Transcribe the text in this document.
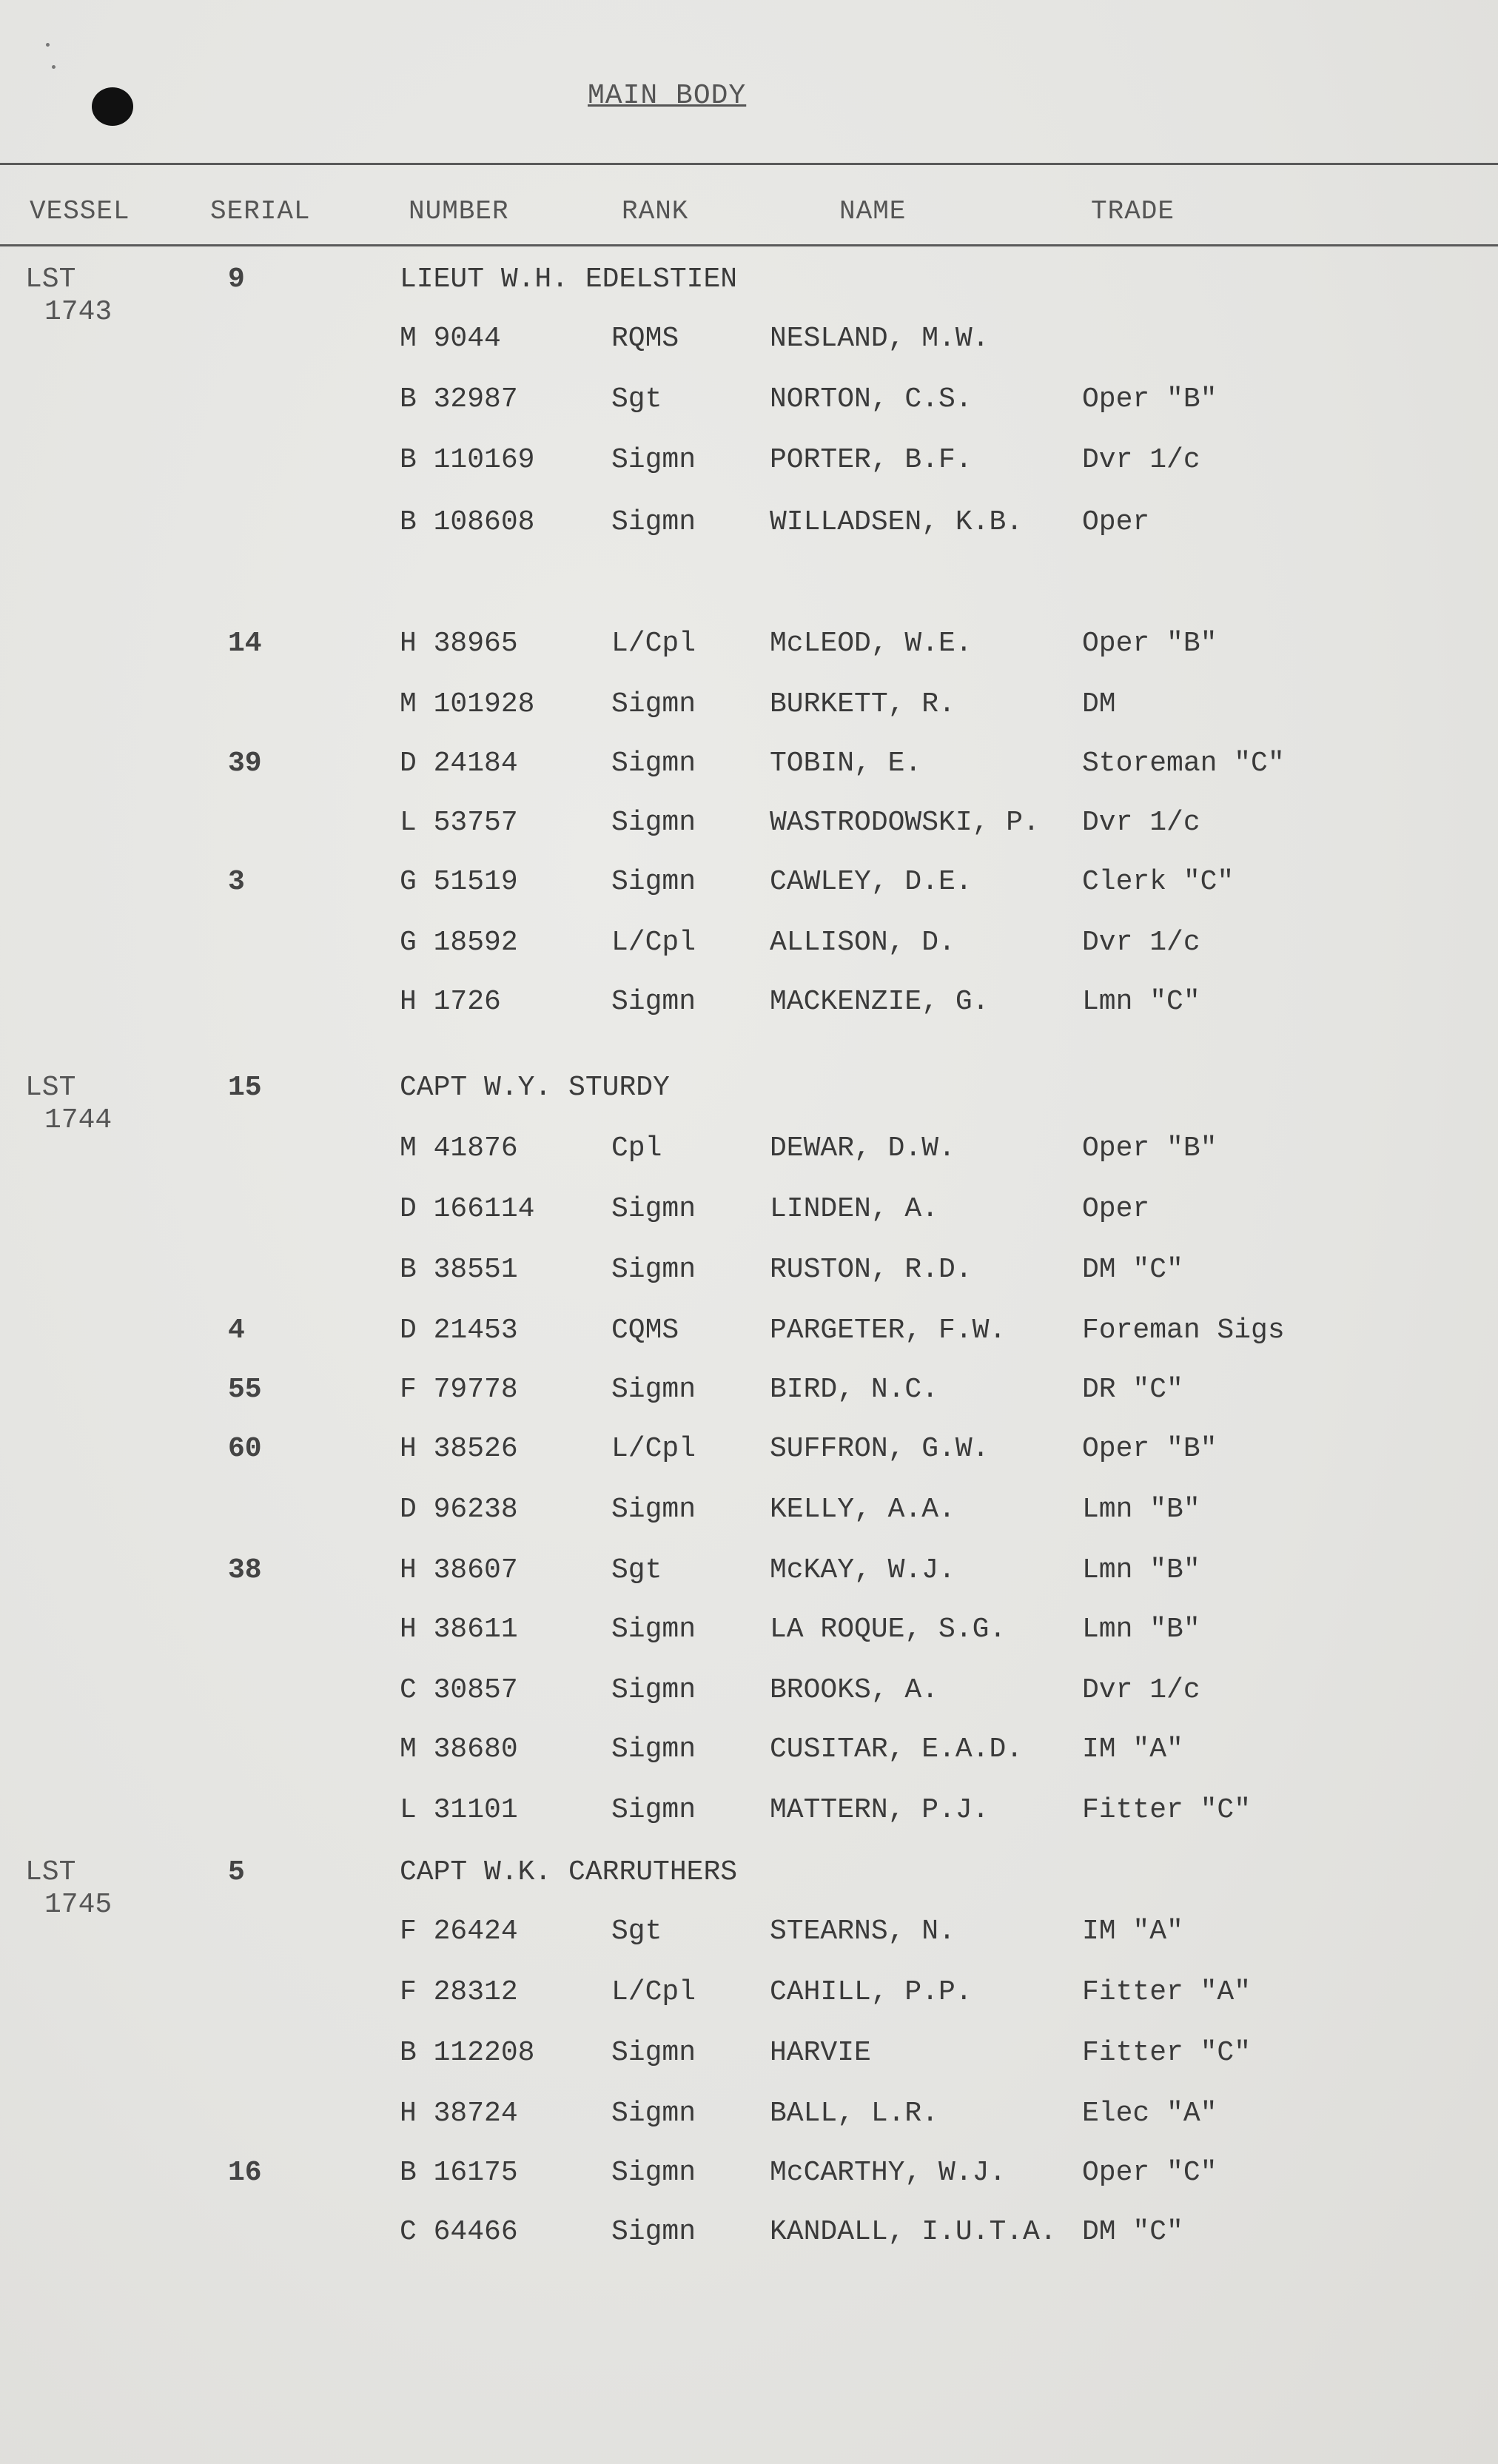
MAIN BODY
VESSEL	SERIAL	NUMBER	RANK	NAME	TRADE
LST
1743
9	LIEUT W.H. EDELSTIEN
M 9044	RQMS	NESLAND, M.W.
B 32987	Sgt	NORTON, C.S.	Oper "B"
B 110169	Sigmn	PORTER, B.F.	Dvr 1/c
B 108608	Sigmn	WILLADSEN, K.B. Oper
14	H 38965	L/Cpl	McLEOD, W.E.	Oper "B"
M 101928	Sigmn	BURKETT, R.	DM
39	D 24184	Sigmn	TOBIN, E.	Storeman "C"
L 53757	Sigmn	WASTRODOWSKI, P. Dvr 1/c
3	G 51519	Sigmn	CAWLEY, D.E.	Clerk "C"
G 18592	L/Cpl	ALLISON, D.	Dvr 1/c
H 1726	Sigmn	MACKENZIE, G.	Lmn "C"
LST
1744
15	CAPT W.Y. STURDY
M 41876	Cpl	DEWAR, D.W.	Oper "B"
D 166114	Sigmn	LINDEN, A.	Oper
B 38551	Sigmn	RUSTON, R.D.	DM "C"
4	D 21453	CQMS	PARGETER, F.W.	Foreman Sigs
55	F 79778	Sigmn	BIRD, N.C.	DR "C"
60	H 38526	L/Cpl	SUFFRON, G.W.	Oper "B"
D 96238	Sigmn	KELLY, A.A.	Lmn "B"
38	H 38607	Sgt	McKAY, W.J.	Lmn "B"
H 38611	Sigmn	LA ROQUE, S.G.	Lmn "B"
C 30857	Sigmn	BROOKS, A.	Dvr 1/c
M 38680	Sigmn	CUSITAR, E.A.D. IM "A"
L 31101	Sigmn	MATTERN, P.J.	Fitter "C"
LST
1745
5	CAPT W.K. CARRUTHERS
F 26424	Sgt	STEARNS, N.	IM "A"
F 28312	L/Cpl	CAHILL, P.P.	Fitter "A"
B 112208	Sigmn	HARVIE	Fitter "C"
H 38724	Sigmn	BALL, L.R.	Elec "A"
16	B 16175	Sigmn	McCARTHY, W.J.	Oper "C"
C 64466	Sigmn	KANDALL, I.U.T.A. DM "C"
